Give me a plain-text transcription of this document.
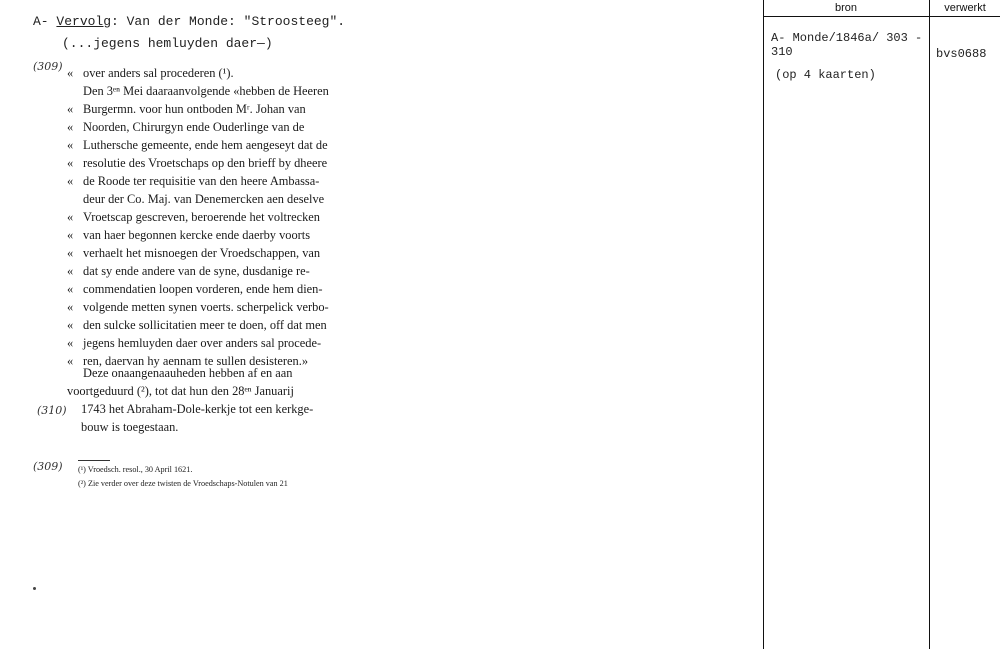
A- Vervolg: Van der Monde: "Stroosteeg".
(...jegens hemluyden daer—)
(309)
(310)
(309)
« over anders sal procederen (¹).
Den 3ᵉⁿ Mei daaraanvolgende «hebben de Heeren
« Burgermn. voor hun ontboden Mʳ. Johan van
« Noorden, Chirurgyn ende Ouderlinge van de
« Luthersche gemeente, ende hem aengeseyt dat de
« resolutie des Vroetschaps op den brieff by dheere
« de Roode ter requisitie van den heere Ambassa-
deur der Co. Maj. van Denemercken aen deselve
« Vroetscap gescreven, beroerende het voltrecken
« van haer begonnen kercke ende daerby voorts
« verhaelt het misnoegen der Vroedschappen, van
« dat sy ende andere van de syne, dusdanige re-
« commendatien loopen vorderen, ende hem dien-
« volgende metten synen voerts. scherpelick verbo-
« den sulcke sollicitatien meer te doen, off dat men
« jegens hemluyden daer over anders sal procede-
« ren, daervan hy aennam te sullen desisteren.»
Deze onaangenaauheden hebben af en aan
voortgeduurd (²), tot dat hun den 28ᵉⁿ Januarij
1743 het Abraham-Dole-kerkje tot een kerkge-
bouw is toegestaan.
(¹) Vroedsch. resol., 30 April 1621.
(²) Zie verder over deze twisten de Vroedschaps-Notulen van 21
bron	verwerkt
A- Monde/1846a/ 303 -
310
(op 4 kaarten)
bvs0688
